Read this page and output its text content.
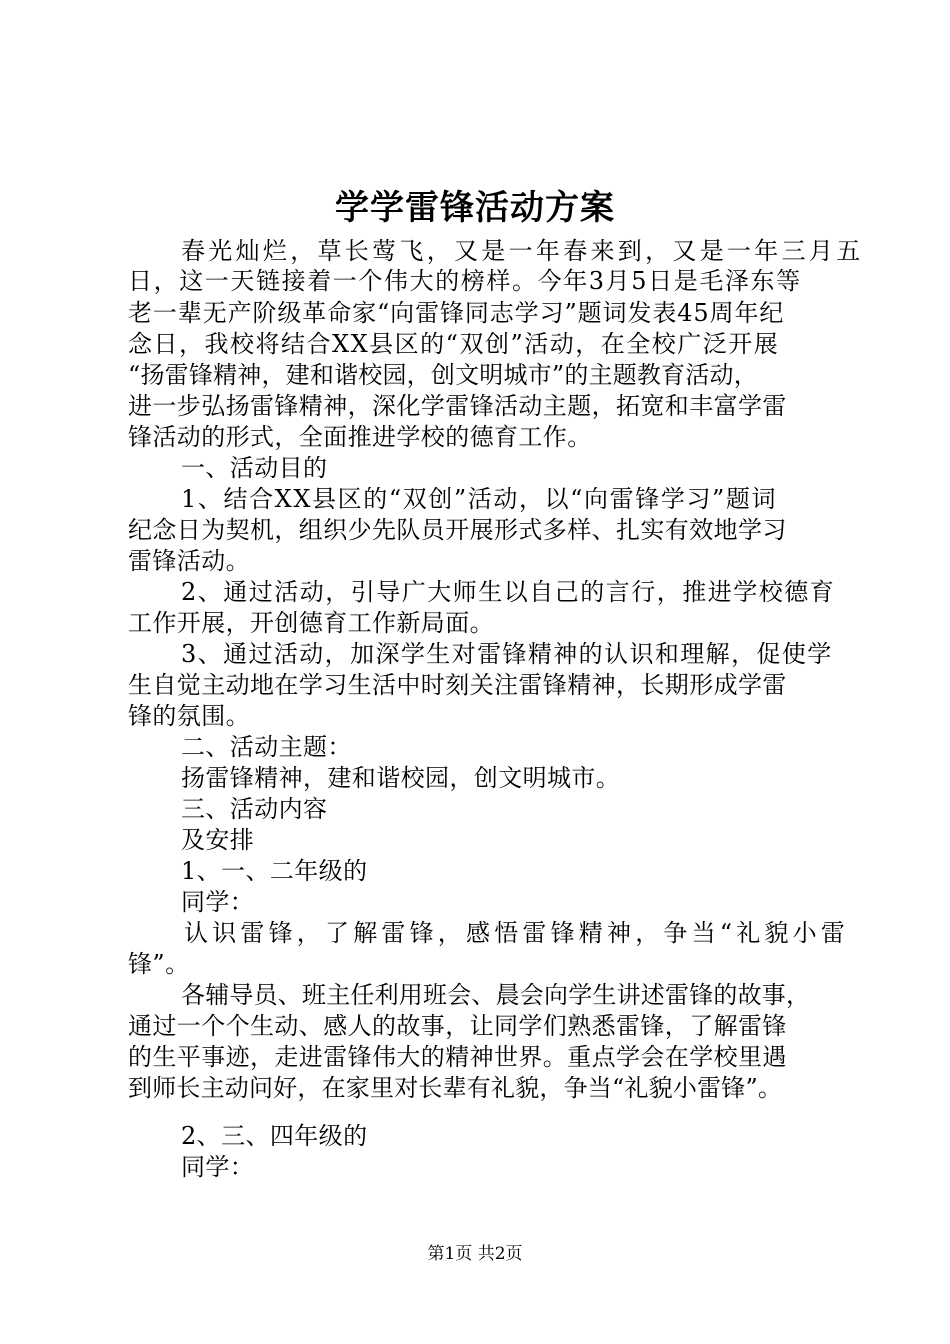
学学雷锋活动方案
春光灿烂，草长莺飞，又是一年春来到，又是一年三月五
日，这一天链接着一个伟大的榜样。今年3月5日是毛泽东等
老一辈无产阶级革命家“向雷锋同志学习”题词发表45周年纪
念日，我校将结合XX县区的“双创”活动，在全校广泛开展
“扬雷锋精神，建和谐校园，创文明城市”的主题教育活动，
进一步弘扬雷锋精神，深化学雷锋活动主题，拓宽和丰富学雷
锋活动的形式，全面推进学校的德育工作。
一、活动目的
1、结合XX县区的“双创”活动，以“向雷锋学习”题词
纪念日为契机，组织少先队员开展形式多样、扎实有效地学习
雷锋活动。
2、通过活动，引导广大师生以自己的言行，推进学校德育
工作开展，开创德育工作新局面。
3、通过活动，加深学生对雷锋精神的认识和理解，促使学
生自觉主动地在学习生活中时刻关注雷锋精神，长期形成学雷
锋的氛围。
二、活动主题：
扬雷锋精神，建和谐校园，创文明城市。
三、活动内容
及安排
1、一、二年级的
同学：
认识雷锋，了解雷锋，感悟雷锋精神，争当“礼貌小雷
锋”。
各辅导员、班主任利用班会、晨会向学生讲述雷锋的故事，
通过一个个生动、感人的故事，让同学们熟悉雷锋，了解雷锋
的生平事迹，走进雷锋伟大的精神世界。重点学会在学校里遇
到师长主动问好，在家里对长辈有礼貌，争当“礼貌小雷锋”。
2、三、四年级的
同学：
第1页 共2页
